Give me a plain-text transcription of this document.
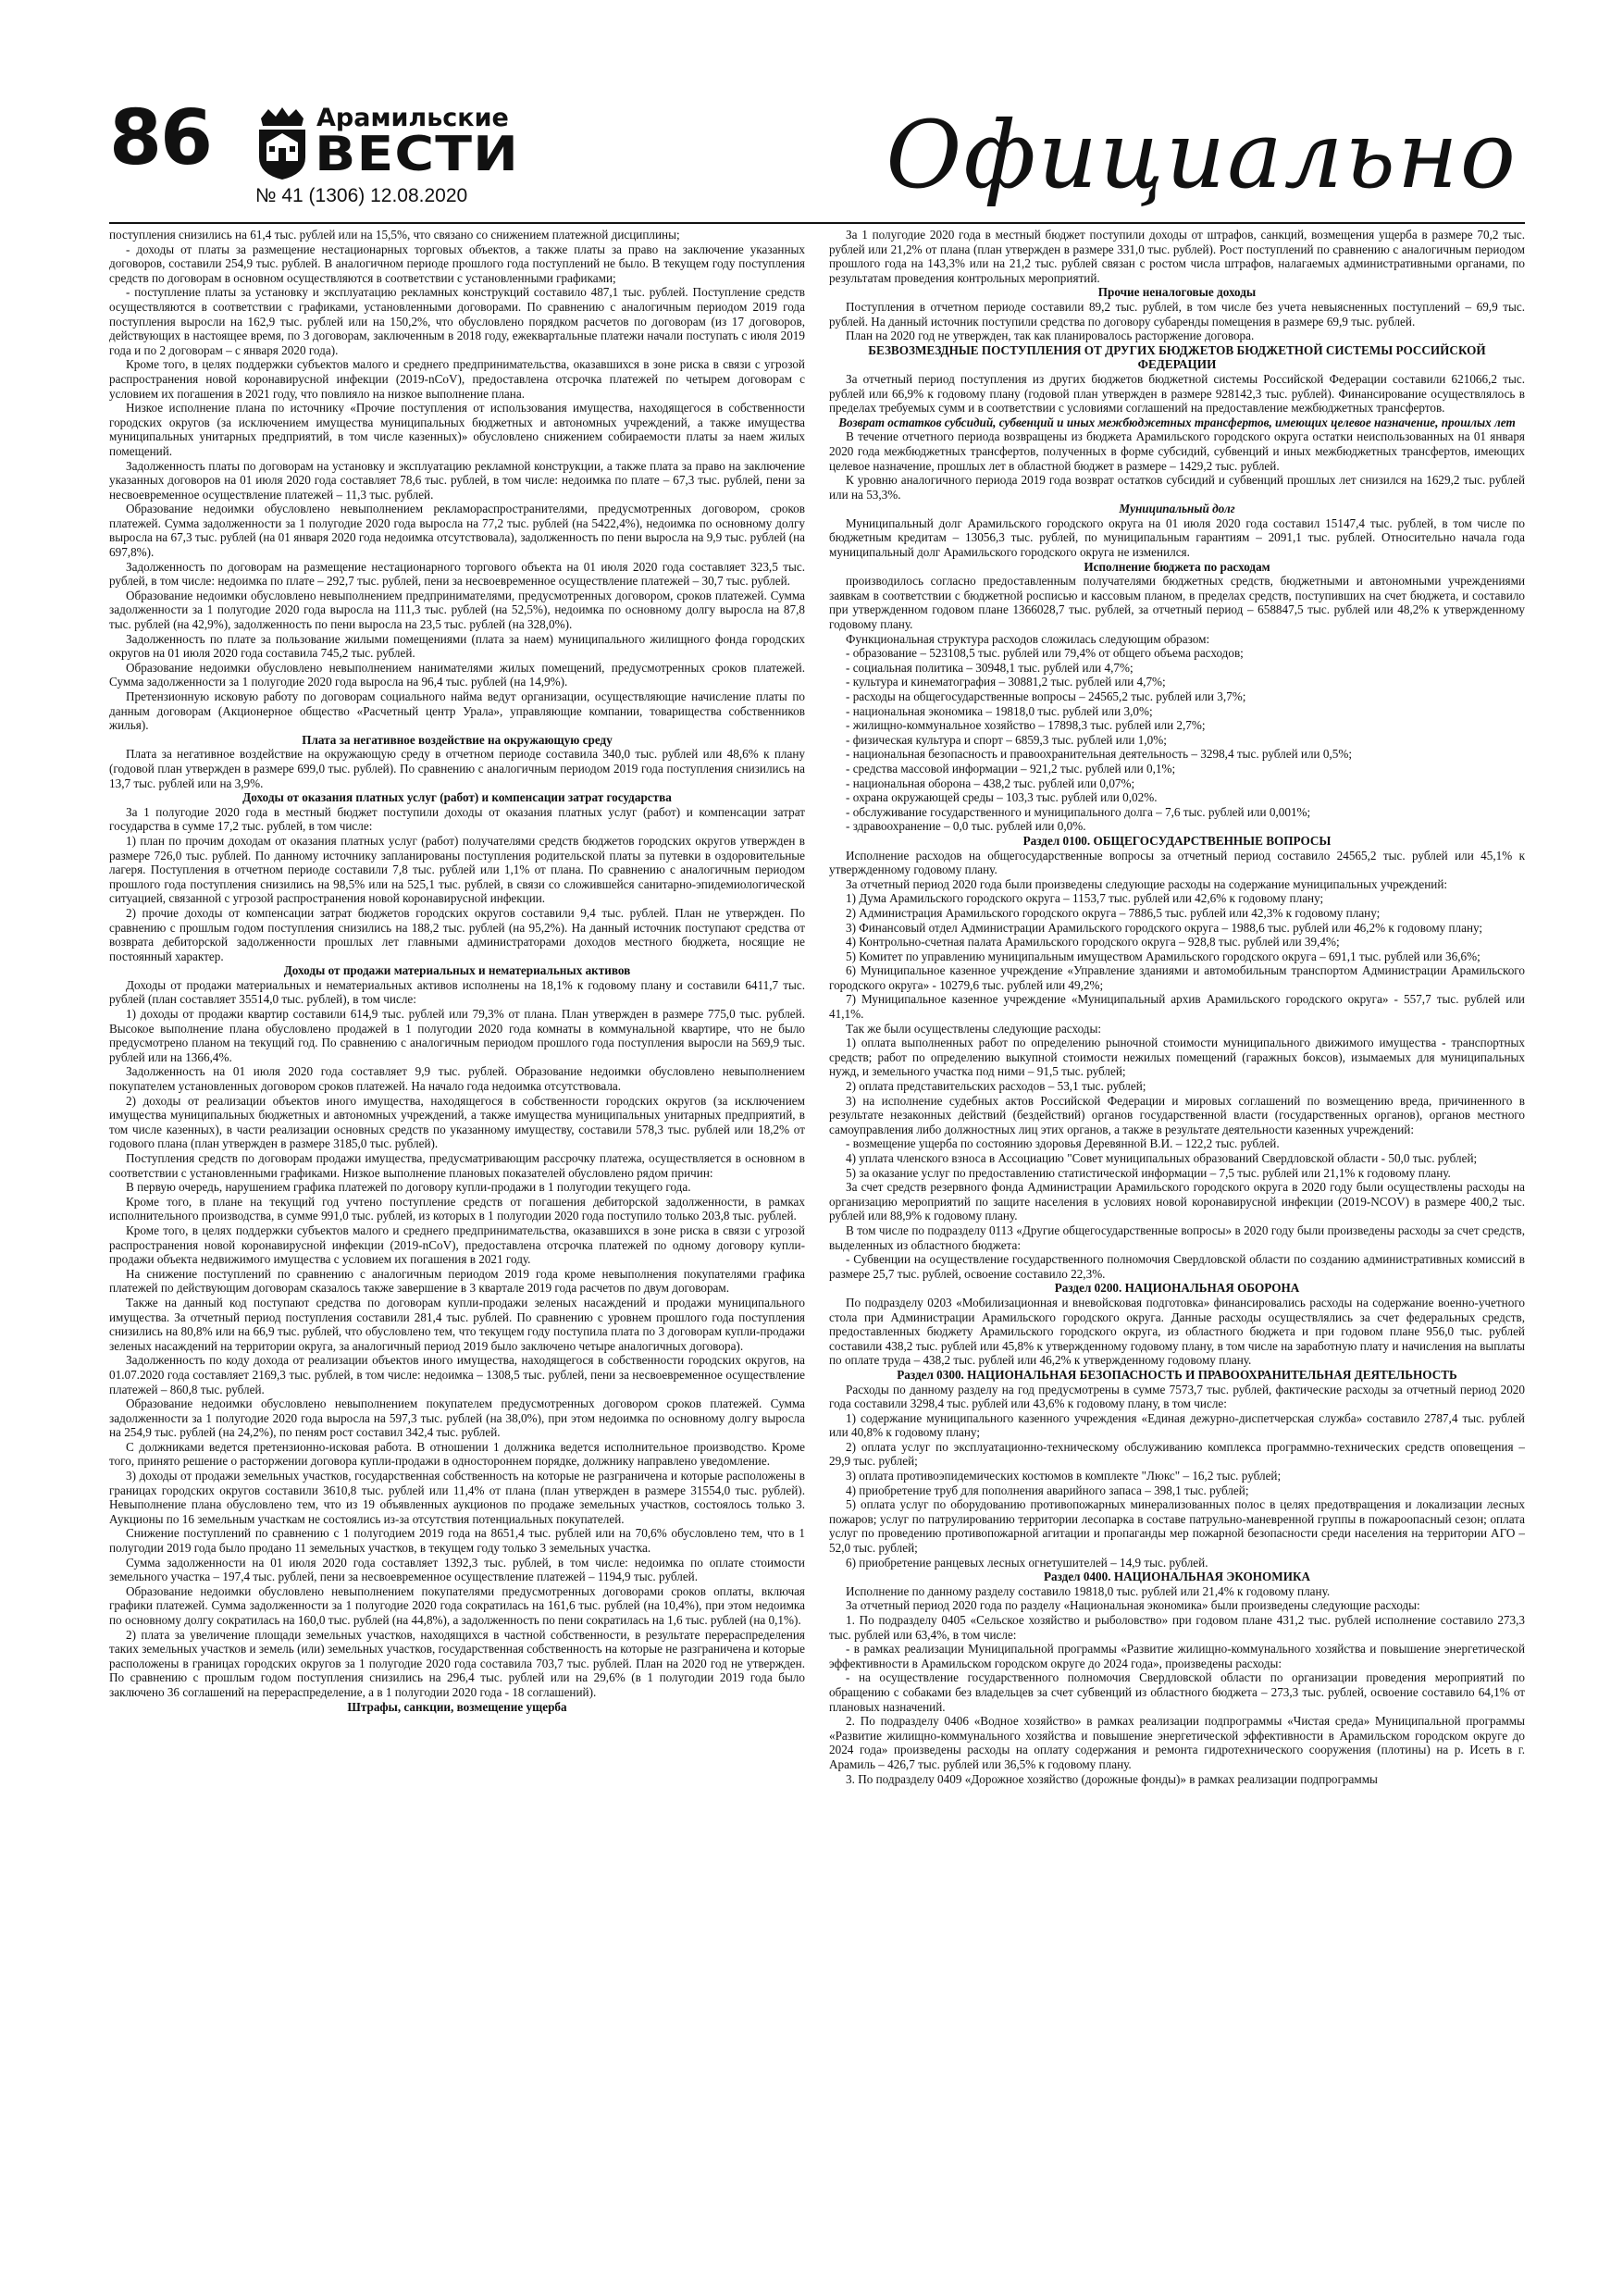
86	Арамильские
ВЕСТИ
№ 41 (1306) 12.08.2020	Официально

поступления снизились на 61,4 тыс. рублей или на 15,5%, что связано со снижением платежной дисциплины;

- доходы от платы за размещение нестационарных торговых объектов, а также платы за право на заключение указанных договоров, составили 254,9 тыс. рублей. В аналогичном периоде прошлого года поступлений не было. В текущем году поступления средств по договорам в основном осуществляются в соответствии с установленными графиками;

- поступление платы за установку и эксплуатацию рекламных конструкций составило 487,1 тыс. рублей. Поступление средств осуществляются в соответствии с графиками, установленными договорами. По сравнению с аналогичным периодом 2019 года поступления выросли на 162,9 тыс. рублей или на 150,2%, что обусловлено порядком расчетов по договорам (из 17 договоров, действующих в настоящее время, по 3 договорам, заключенным в 2018 году, ежеквартальные платежи начали поступать с июля 2019 года и по 2 договорам – с января 2020 года).

Кроме того, в целях поддержки субъектов малого и среднего предпринимательства, оказавшихся в зоне риска в связи с угрозой распространения новой коронавирусной инфекции (2019-nCoV), предоставлена отсрочка платежей по четырем договорам с условием их погашения в 2021 году, что повлияло на низкое выполнение плана.

Низкое исполнение плана по источнику «Прочие поступления от использования имущества, находящегося в собственности городских округов (за исключением имущества муниципальных бюджетных и автономных учреждений, а также имущества муниципальных унитарных предприятий, в том числе казенных)» обусловлено снижением собираемости платы за наем жилых помещений.

Задолженность платы по договорам на установку и эксплуатацию рекламной конструкции, а также плата за право на заключение указанных договоров на 01 июля 2020 года составляет 78,6 тыс. рублей, в том числе: недоимка по плате – 67,3 тыс. рублей, пени за несвоевременное осуществление платежей – 11,3 тыс. рублей.

Образование недоимки обусловлено невыполнением рекламораспространителями, предусмотренных договором, сроков платежей. Сумма задолженности за 1 полугодие 2020 года выросла на 77,2 тыс. рублей (на 5422,4%), недоимка по основному долгу выросла на 67,3 тыс. рублей (на 01 января 2020 года недоимка отсутствовала), задолженность по пени выросла на 9,9 тыс. рублей (на 697,8%).

Задолженность по договорам на размещение нестационарного торгового объекта на 01 июля 2020 года составляет 323,5 тыс. рублей, в том числе: недоимка по плате – 292,7 тыс. рублей, пени за несвоевременное осуществление платежей – 30,7 тыс. рублей.

Образование недоимки обусловлено невыполнением предпринимателями, предусмотренных договором, сроков платежей. Сумма задолженности за 1 полугодие 2020 года выросла на 111,3 тыс. рублей (на 52,5%), недоимка по основному долгу выросла на 87,8 тыс. рублей (на 42,9%), задолженность по пени выросла на 23,5 тыс. рублей (на 328,0%).

Задолженность по плате за пользование жилыми помещениями (плата за наем) муниципального жилищного фонда городских округов на 01 июля 2020 года составила 745,2 тыс. рублей.

Образование недоимки обусловлено невыполнением нанимателями жилых помещений, предусмотренных сроков платежей. Сумма задолженности за 1 полугодие 2020 года выросла на 96,4 тыс. рублей (на 14,9%).

Претензионную исковую работу по договорам социального найма ведут организации, осуществляющие начисление платы по данным договорам (Акционерное общество «Расчетный центр Урала», управляющие компании, товарищества собственников жилья).

Плата за негативное воздействие на окружающую среду

Плата за негативное воздействие на окружающую среду в отчетном периоде составила 340,0 тыс. рублей или 48,6% к плану (годовой план утвержден в размере 699,0 тыс. рублей). По сравнению с аналогичным периодом 2019 года поступления снизились на 13,7 тыс. рублей или на 3,9%.

Доходы от оказания платных услуг (работ) и компенсации затрат государства

За 1 полугодие 2020 года в местный бюджет поступили доходы от оказания платных услуг (работ) и компенсации затрат государства в сумме 17,2 тыс. рублей, в том числе:

1) план по прочим доходам от оказания платных услуг (работ) получателями средств бюджетов городских округов утвержден в размере 726,0 тыс. рублей. По данному источнику запланированы поступления родительской платы за путевки в оздоровительные лагеря. Поступления в отчетном периоде составили 7,8 тыс. рублей или 1,1% от плана. По сравнению с аналогичным периодом прошлого года поступления снизились на 98,5% или на 525,1 тыс. рублей, в связи со сложившейся санитарно-эпидемиологической ситуацией, связанной с угрозой распространения новой коронавирусной инфекции.

2) прочие доходы от компенсации затрат бюджетов городских округов составили 9,4 тыс. рублей. План не утвержден. По сравнению с прошлым годом поступления снизились на 188,2 тыс. рублей (на 95,2%). На данный источник поступают средства от возврата дебиторской задолженности прошлых лет главными администраторами доходов местного бюджета, носящие не постоянный характер.

Доходы от продажи материальных и нематериальных активов

Доходы от продажи материальных и нематериальных активов исполнены на 18,1% к годовому плану и составили 6411,7 тыс. рублей (план составляет 35514,0 тыс. рублей), в том числе:

1) доходы от продажи квартир составили 614,9 тыс. рублей или 79,3% от плана. План утвержден в размере 775,0 тыс. рублей. Высокое выполнение плана обусловлено продажей в 1 полугодии 2020 года комнаты в коммунальной квартире, что не было предусмотрено планом на текущий год. По сравнению с аналогичным периодом прошлого года поступления выросли на 569,9 тыс. рублей или на 1366,4%.

Задолженность на 01 июля 2020 года составляет 9,9 тыс. рублей. Образование недоимки обусловлено невыполнением покупателем установленных договором сроков платежей. На начало года недоимка отсутствовала.

2) доходы от реализации объектов иного имущества, находящегося в собственности городских округов (за исключением имущества муниципальных бюджетных и автономных учреждений, а также имущества муниципальных унитарных предприятий, в том числе казенных), в части реализации основных средств по указанному имуществу, составили 578,3 тыс. рублей или 18,2% от годового плана (план утвержден в размере 3185,0 тыс. рублей).

Поступления средств по договорам продажи имущества, предусматривающим рассрочку платежа, осуществляется в основном в соответствии с установленными графиками. Низкое выполнение плановых показателей обусловлено рядом причин:

В первую очередь, нарушением графика платежей по договору купли-продажи в 1 полугодии текущего года.

Кроме того, в плане на текущий год учтено поступление средств от погашения дебиторской задолженности, в рамках исполнительного производства, в сумме 991,0 тыс. рублей, из которых в 1 полугодии 2020 года поступило только 203,8 тыс. рублей.

Кроме того, в целях поддержки субъектов малого и среднего предпринимательства, оказавшихся в зоне риска в связи с угрозой распространения новой коронавирусной инфекции (2019-nCoV), предоставлена отсрочка платежей по одному договору купли-продажи объекта недвижимого имущества с условием их погашения в 2021 году.

На снижение поступлений по сравнению с аналогичным периодом 2019 года кроме невыполнения покупателями графика платежей по действующим договорам сказалось также завершение в 3 квартале 2019 года расчетов по двум договорам.

Также на данный код поступают средства по договорам купли-продажи зеленых насаждений и продажи муниципального имущества. За отчетный период поступления составили 281,4 тыс. рублей. По сравнению с уровнем прошлого года поступления снизились на 80,8% или на 66,9 тыс. рублей, что обусловлено тем, что текущем году поступила плата по 3 договорам купли-продажи зеленых насаждений на территории округа, за аналогичный период 2019 было заключено четыре аналогичных договора).

Задолженность по коду дохода от реализации объектов иного имущества, находящегося в собственности городских округов, на 01.07.2020 года составляет 2169,3 тыс. рублей, в том числе: недоимка – 1308,5 тыс. рублей, пени за несвоевременное осуществление платежей – 860,8 тыс. рублей.

Образование недоимки обусловлено невыполнением покупателем предусмотренных договором сроков платежей. Сумма задолженности за 1 полугодие 2020 года выросла на 597,3 тыс. рублей (на 38,0%), при этом недоимка по основному долгу выросла на 254,9 тыс. рублей (на 24,2%), по пеням рост составил 342,4 тыс. рублей.

С должниками ведется претензионно-исковая работа. В отношении 1 должника ведется исполнительное производство. Кроме того, принято решение о расторжении договора купли-продажи в одностороннем порядке, должнику направлено уведомление.

3) доходы от продажи земельных участков, государственная собственность на которые не разграничена и которые расположены в границах городских округов составили 3610,8 тыс. рублей или 11,4% от плана (план утвержден в размере 31554,0 тыс. рублей). Невыполнение плана обусловлено тем, что из 19 объявленных аукционов по продаже земельных участков, состоялось только 3. Аукционы по 16 земельным участкам не состоялись из-за отсутствия потенциальных покупателей.

Снижение поступлений по сравнению с 1 полугодием 2019 года на 8651,4 тыс. рублей или на 70,6% обусловлено тем, что в 1 полугодии 2019 года было продано 11 земельных участков, в текущем году только 3 земельных участка.

Сумма задолженности на 01 июля 2020 года составляет 1392,3 тыс. рублей, в том числе: недоимка по оплате стоимости земельного участка – 197,4 тыс. рублей, пени за несвоевременное осуществление платежей – 1194,9 тыс. рублей.

Образование недоимки обусловлено невыполнением покупателями предусмотренных договорами сроков оплаты, включая графики платежей. Сумма задолженности за 1 полугодие 2020 года сократилась на 161,6 тыс. рублей (на 10,4%), при этом недоимка по основному долгу сократилась на 160,0 тыс. рублей (на 44,8%), а задолженность по пени сократилась на 1,6 тыс. рублей (на 0,1%).

2) плата за увеличение площади земельных участков, находящихся в частной собственности, в результате перераспределения таких земельных участков и земель (или) земельных участков, государственная собственность на которые не разграничена и которые расположены в границах городских округов за 1 полугодие 2020 года составила 703,7 тыс. рублей. План на 2020 год не утвержден. По сравнению с прошлым годом поступления снизились на 296,4 тыс. рублей или на 29,6% (в 1 полугодии 2019 года было заключено 36 соглашений на перераспределение, а в 1 полугодии 2020 года - 18 соглашений).

Штрафы, санкции, возмещение ущерба

За 1 полугодие 2020 года в местный бюджет поступили доходы от штрафов, санкций, возмещения ущерба в размере 70,2 тыс. рублей или 21,2% от плана (план утвержден в размере 331,0 тыс. рублей). Рост поступлений по сравнению с аналогичным периодом прошлого года на 143,3% или на 21,2 тыс. рублей связан с ростом числа штрафов, налагаемых административными органами, по результатам проведения контрольных мероприятий.

Прочие неналоговые доходы

Поступления в отчетном периоде составили 89,2 тыс. рублей, в том числе без учета невыясненных поступлений – 69,9 тыс. рублей. На данный источник поступили средства по договору субаренды помещения в размере 69,9 тыс. рублей.

План на 2020 год не утвержден, так как планировалось расторжение договора.

БЕЗВОЗМЕЗДНЫЕ ПОСТУПЛЕНИЯ ОТ ДРУГИХ БЮДЖЕТОВ БЮДЖЕТНОЙ СИСТЕМЫ РОССИЙСКОЙ ФЕДЕРАЦИИ

За отчетный период поступления из других бюджетов бюджетной системы Российской Федерации составили 621066,2 тыс. рублей или 66,9% к годовому плану (годовой план утвержден в размере 928142,3 тыс. рублей). Финансирование осуществлялось в пределах требуемых сумм и в соответствии с условиями соглашений на предоставление межбюджетных трансфертов.

Возврат остатков субсидий, субвенций и иных межбюджетных трансфертов, имеющих целевое назначение, прошлых лет

В течение отчетного периода возвращены из бюджета Арамильского городского округа остатки неиспользованных на 01 января 2020 года межбюджетных трансфертов, полученных в форме субсидий, субвенций и иных межбюджетных трансфертов, имеющих целевое назначение, прошлых лет в областной бюджет в размере – 1429,2 тыс. рублей.

К уровню аналогичного периода 2019 года возврат остатков субсидий и субвенций прошлых лет снизился на 1629,2 тыс. рублей или на 53,3%.

Муниципальный долг

Муниципальный долг Арамильского городского округа на 01 июля 2020 года составил 15147,4 тыс. рублей, в том числе по бюджетным кредитам – 13056,3 тыс. рублей, по муниципальным гарантиям – 2091,1 тыс. рублей. Относительно начала года муниципальный долг Арамильского городского округа не изменился.

Исполнение бюджета по расходам

производилось согласно предоставленным получателями бюджетных средств, бюджетными и автономными учреждениями заявкам в соответствии с бюджетной росписью и кассовым планом, в пределах средств, поступивших на счет бюджета, и составило при утвержденном годовом плане 1366028,7 тыс. рублей, за отчетный период – 658847,5 тыс. рублей или 48,2% к утвержденному годовому плану.

Функциональная структура расходов сложилась следующим образом:

- образование – 523108,5 тыс. рублей или 79,4% от общего объема расходов;

- социальная политика – 30948,1 тыс. рублей или 4,7%;

- культура и кинематография – 30881,2 тыс. рублей или 4,7%;

- расходы на общегосударственные вопросы – 24565,2 тыс. рублей или 3,7%;

- национальная экономика – 19818,0 тыс. рублей или 3,0%;

- жилищно-коммунальное хозяйство – 17898,3 тыс. рублей или 2,7%;

- физическая культура и спорт – 6859,3 тыс. рублей или 1,0%;

- национальная безопасность и правоохранительная деятельность – 3298,4 тыс. рублей или 0,5%;

- средства массовой информации – 921,2 тыс. рублей или 0,1%;

- национальная оборона – 438,2 тыс. рублей или 0,07%;

- охрана окружающей среды – 103,3 тыс. рублей или 0,02%.

- обслуживание государственного и муниципального долга – 7,6 тыс. рублей или 0,001%;

- здравоохранение – 0,0 тыс. рублей или 0,0%.

Раздел 0100. ОБЩЕГОСУДАРСТВЕННЫЕ ВОПРОСЫ

Исполнение расходов на общегосударственные вопросы за отчетный период составило 24565,2 тыс. рублей или 45,1% к утвержденному годовому плану.

За отчетный период 2020 года были произведены следующие расходы на содержание муниципальных учреждений:

1) Дума Арамильского городского округа – 1153,7 тыс. рублей или 42,6% к годовому плану;

2) Администрация Арамильского городского округа – 7886,5 тыс. рублей или 42,3% к годовому плану;

3) Финансовый отдел Администрации Арамильского городского округа – 1988,6 тыс. рублей или 46,2% к годовому плану;

4) Контрольно-счетная палата Арамильского городского округа – 928,8 тыс. рублей или 39,4%;

5) Комитет по управлению муниципальным имуществом Арамильского городского округа – 691,1 тыс. рублей или 36,6%;

6) Муниципальное казенное учреждение «Управление зданиями и автомобильным транспортом Администрации Арамильского городского округа» - 10279,6 тыс. рублей или 49,2%;

7) Муниципальное казенное учреждение «Муниципальный архив Арамильского городского округа» - 557,7 тыс. рублей или 41,1%.

Так же были осуществлены следующие расходы:

1) оплата выполненных работ по определению рыночной стоимости муниципального движимого имущества - транспортных средств; работ по определению выкупной стоимости нежилых помещений (гаражных боксов), изымаемых для муниципальных нужд, и земельного участка под ними – 91,5 тыс. рублей;

2) оплата представительских расходов – 53,1 тыс. рублей;

3) на исполнение судебных актов Российской Федерации и мировых соглашений по возмещению вреда, причиненного в результате незаконных действий (бездействий) органов государственной власти (государственных органов), органов местного самоуправления либо должностных лиц этих органов, а также в результате деятельности казенных учреждений:

- возмещение ущерба по состоянию здоровья Деревянной В.И. – 122,2 тыс. рублей.

4) уплата членского взноса в Ассоциацию "Совет муниципальных образований Свердловской области - 50,0 тыс. рублей;

5) за оказание услуг по предоставлению статистической информации – 7,5 тыс. рублей или 21,1% к годовому плану.

За счет средств резервного фонда Администрации Арамильского городского округа в 2020 году были осуществлены расходы на организацию мероприятий по защите населения в условиях новой коронавирусной инфекции (2019-NCOV) в размере 400,2 тыс. рублей или 88,9% к годовому плану.

В том числе по подразделу 0113 «Другие общегосударственные вопросы» в 2020 году были произведены расходы за счет средств, выделенных из областного бюджета:

- Субвенции на осуществление государственного полномочия Свердловской области по созданию административных комиссий в размере 25,7 тыс. рублей, освоение составило 22,3%.

Раздел 0200. НАЦИОНАЛЬНАЯ ОБОРОНА

По подразделу 0203 «Мобилизационная и вневойсковая подготовка» финансировались расходы на содержание военно-учетного стола при Администрации Арамильского городского округа. Данные расходы осуществлялись за счет федеральных средств, предоставленных бюджету Арамильского городского округа, из областного бюджета и при годовом плане 956,0 тыс. рублей составили 438,2 тыс. рублей или 45,8% к утвержденному годовому плану, в том числе на заработную плату и начисления на выплаты по оплате труда – 438,2 тыс. рублей или 46,2% к утвержденному годовому плану.

Раздел 0300. НАЦИОНАЛЬНАЯ БЕЗОПАСНОСТЬ И ПРАВООХРАНИТЕЛЬНАЯ ДЕЯТЕЛЬНОСТЬ

Расходы по данному разделу на год предусмотрены в сумме 7573,7 тыс. рублей, фактические расходы за отчетный период 2020 года составили 3298,4 тыс. рублей или 43,6% к годовому плану, в том числе:

1) содержание муниципального казенного учреждения «Единая дежурно-диспетчерская служба» составило 2787,4 тыс. рублей или 40,8% к годовому плану;

2) оплата услуг по эксплуатационно-техническому обслуживанию комплекса программно-технических средств оповещения – 29,9 тыс. рублей;

3) оплата противоэпидемических костюмов в комплекте "Люкс" – 16,2 тыс. рублей;

4) приобретение труб для пополнения аварийного запаса – 398,1 тыс. рублей;

5) оплата услуг по оборудованию противопожарных минерализованных полос в целях предотвращения и локализации лесных пожаров; услуг по патрулированию территории лесопарка в составе патрульно-маневренной группы в пожароопасный сезон; оплата услуг по проведению противопожарной агитации и пропаганды мер пожарной безопасности среди населения на территории АГО – 52,0 тыс. рублей;

6) приобретение ранцевых лесных огнетушителей – 14,9 тыс. рублей.

Раздел 0400. НАЦИОНАЛЬНАЯ ЭКОНОМИКА

Исполнение по данному разделу составило 19818,0 тыс. рублей или 21,4% к годовому плану.

За отчетный период 2020 года по разделу «Национальная экономика» были произведены следующие расходы:

1. По подразделу 0405 «Сельское хозяйство и рыболовство» при годовом плане 431,2 тыс. рублей исполнение составило 273,3 тыс. рублей или 63,4%, в том числе:

- в рамках реализации Муниципальной программы «Развитие жилищно-коммунального хозяйства и повышение энергетической эффективности в Арамильском городском округе до 2024 года», произведены расходы:

- на осуществление государственного полномочия Свердловской области по организации проведения мероприятий по обращению с собаками без владельцев за счет субвенций из областного бюджета – 273,3 тыс. рублей, освоение составило 64,1% от плановых назначений.

2. По подразделу 0406 «Водное хозяйство» в рамках реализации подпрограммы «Чистая среда» Муниципальной программы «Развитие жилищно-коммунального хозяйства и повышение энергетической эффективности в Арамильском городском округе до 2024 года» произведены расходы на оплату содержания и ремонта гидротехнического сооружения (плотины) на р. Исеть в г. Арамиль – 426,7 тыс. рублей или 36,5% к годовому плану.

3. По подразделу 0409 «Дорожное хозяйство (дорожные фонды)» в рамках реализации подпрограммы
